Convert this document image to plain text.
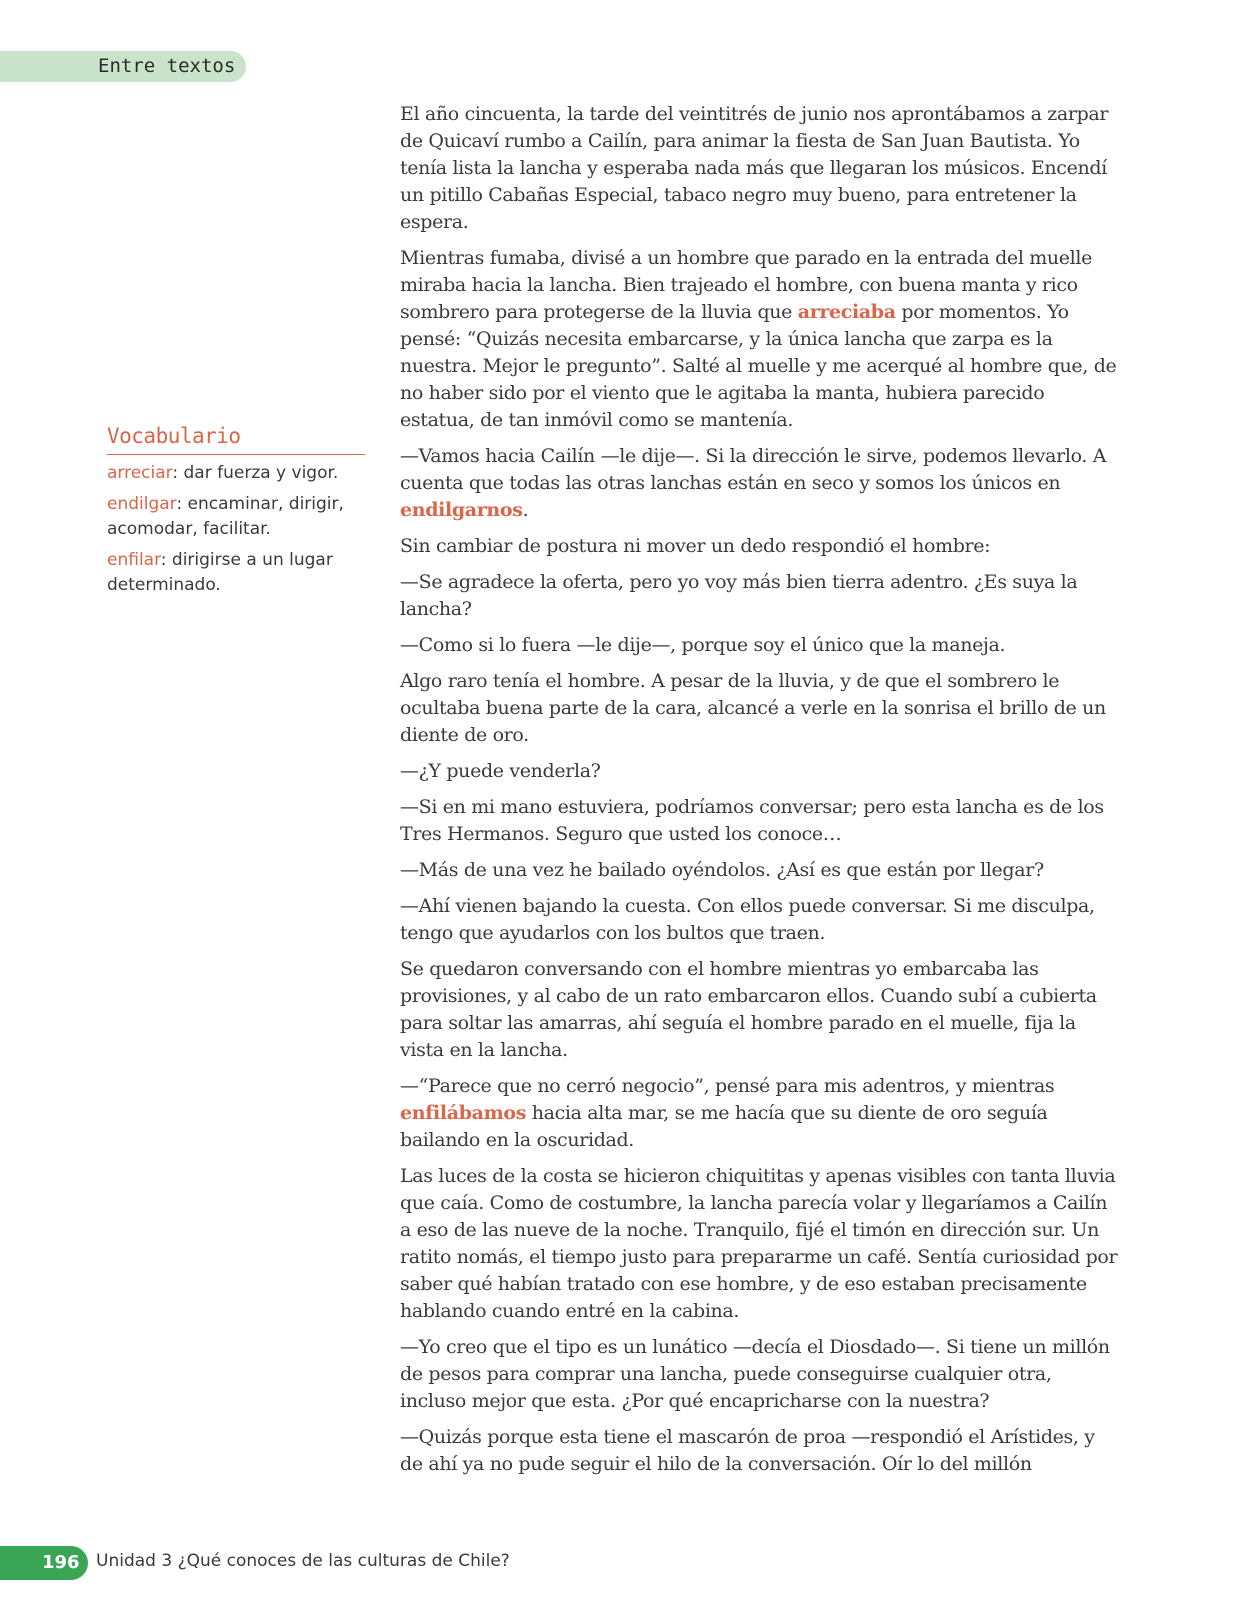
Entre textos
Vocabulario
arreciar: dar fuerza y vigor.
endilgar: encaminar, dirigir, acomodar, facilitar.
enfilar: dirigirse a un lugar determinado.

El año cincuenta, la tarde del veintitrés de junio nos aprontábamos a zarpar de Quicaví rumbo a Cailín, para animar la fiesta de San Juan Bautista. Yo tenía lista la lancha y esperaba nada más que llegaran los músicos. Encendí un pitillo Cabañas Especial, tabaco negro muy bueno, para entretener la espera.

Mientras fumaba, divisé a un hombre que parado en la entrada del muelle miraba hacia la lancha. Bien trajeado el hombre, con buena manta y rico sombrero para protegerse de la lluvia que arreciaba por momentos. Yo pensé: “Quizás necesita embarcarse, y la única lancha que zarpa es la nuestra. Mejor le pregunto”. Salté al muelle y me acerqué al hombre que, de no haber sido por el viento que le agitaba la manta, hubiera parecido estatua, de tan inmóvil como se mantenía.

—Vamos hacia Cailín —le dije—. Si la dirección le sirve, podemos llevarlo. A cuenta que todas las otras lanchas están en seco y somos los únicos en endilgarnos.

Sin cambiar de postura ni mover un dedo respondió el hombre:

—Se agradece la oferta, pero yo voy más bien tierra adentro. ¿Es suya la lancha?

—Como si lo fuera —le dije—, porque soy el único que la maneja.

Algo raro tenía el hombre. A pesar de la lluvia, y de que el sombrero le ocultaba buena parte de la cara, alcancé a verle en la sonrisa el brillo de un diente de oro.

—¿Y puede venderla?

—Si en mi mano estuviera, podríamos conversar; pero esta lancha es de los Tres Hermanos. Seguro que usted los conoce…

—Más de una vez he bailado oyéndolos. ¿Así es que están por llegar?

—Ahí vienen bajando la cuesta. Con ellos puede conversar. Si me disculpa, tengo que ayudarlos con los bultos que traen.

Se quedaron conversando con el hombre mientras yo embarcaba las provisiones, y al cabo de un rato embarcaron ellos. Cuando subí a cubierta para soltar las amarras, ahí seguía el hombre parado en el muelle, fija la vista en la lancha.

—“Parece que no cerró negocio”, pensé para mis adentros, y mientras enfilábamos hacia alta mar, se me hacía que su diente de oro seguía bailando en la oscuridad.

Las luces de la costa se hicieron chiquititas y apenas visibles con tanta lluvia que caía. Como de costumbre, la lancha parecía volar y llegaríamos a Cailín a eso de las nueve de la noche. Tranquilo, fijé el timón en dirección sur. Un ratito nomás, el tiempo justo para prepararme un café. Sentía curiosidad por saber qué habían tratado con ese hombre, y de eso estaban precisamente hablando cuando entré en la cabina.

—Yo creo que el tipo es un lunático —decía el Diosdado—. Si tiene un millón de pesos para comprar una lancha, puede conseguirse cualquier otra, incluso mejor que esta. ¿Por qué encapricharse con la nuestra?

—Quizás porque esta tiene el mascarón de proa —respondió el Arístides, y de ahí ya no pude seguir el hilo de la conversación. Oír lo del millón

196 Unidad 3 ¿Qué conoces de las culturas de Chile?
